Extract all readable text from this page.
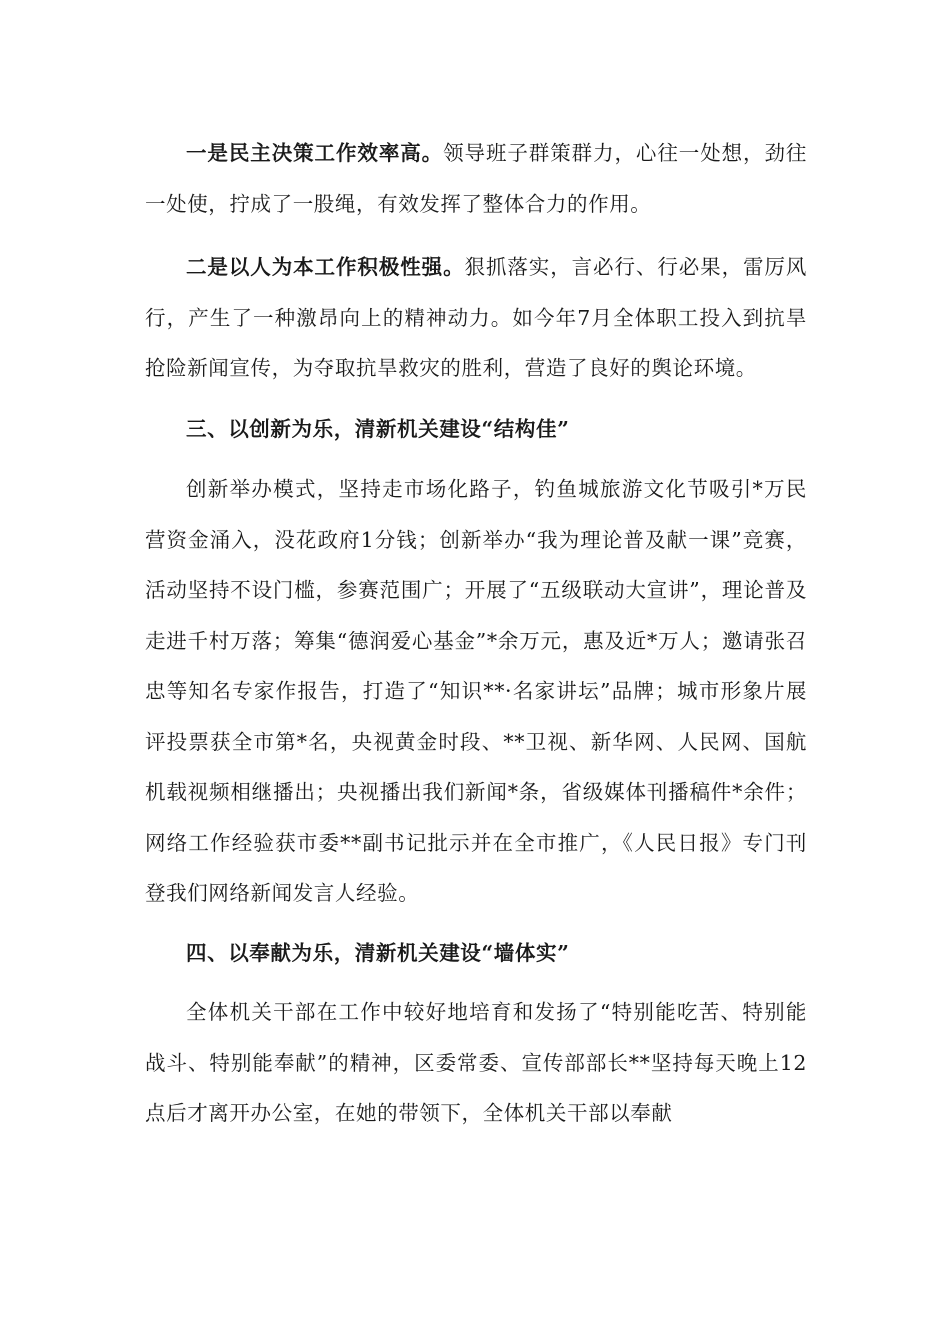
一是民主决策工作效率高。领导班子群策群力，心往一处想，劲往一处使，拧成了一股绳，有效发挥了整体合力的作用。

二是以人为本工作积极性强。狠抓落实，言必行、行必果，雷厉风行，产生了一种激昂向上的精神动力。如今年7月全体职工投入到抗旱抢险新闻宣传，为夺取抗旱救灾的胜利，营造了良好的舆论环境。

三、以创新为乐，清新机关建设“结构佳”

创新举办模式，坚持走市场化路子，钓鱼城旅游文化节吸引*万民营资金涌入，没花政府1分钱；创新举办“我为理论普及献一课”竞赛，活动坚持不设门槛，参赛范围广；开展了“五级联动大宣讲”，理论普及走进千村万落；筹集“德润爱心基金”*余万元，惠及近*万人；邀请张召忠等知名专家作报告，打造了“知识**·名家讲坛”品牌；城市形象片展评投票获全市第*名，央视黄金时段、**卫视、新华网、人民网、国航机载视频相继播出；央视播出我们新闻*条，省级媒体刊播稿件*余件；网络工作经验获市委**副书记批示并在全市推广，《人民日报》专门刊登我们网络新闻发言人经验。

四、以奉献为乐，清新机关建设“墙体实”

全体机关干部在工作中较好地培育和发扬了“特别能吃苦、特别能战斗、特别能奉献”的精神，区委常委、宣传部部长**坚持每天晚上12点后才离开办公室，在她的带领下，全体机关干部以奉献
